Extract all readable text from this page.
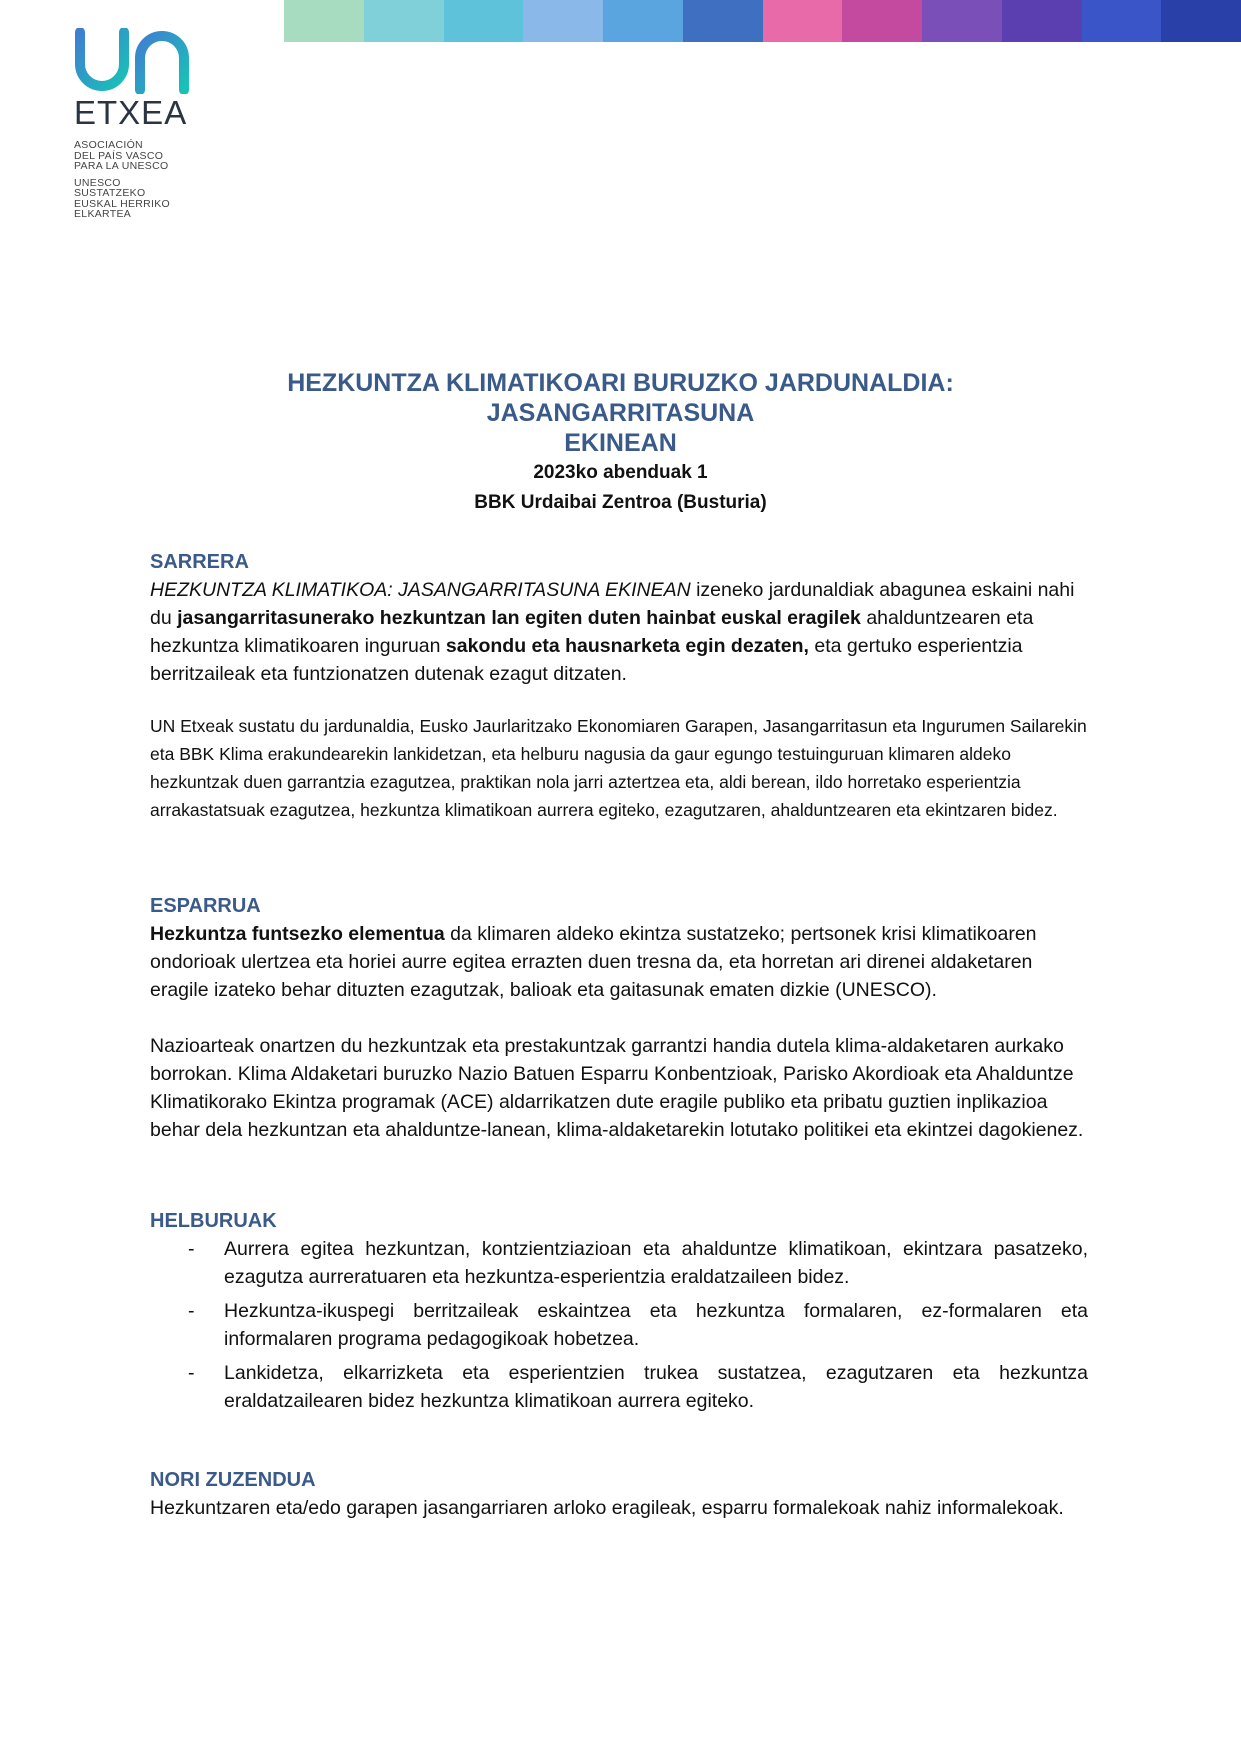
ETXEA
ASOCIACIÓN
DEL PAÍS VASCO
PARA LA UNESCO
UNESCO SUSTATZEKO
EUSKAL HERRIKO
ELKARTEA
HEZKUNTZA KLIMATIKOARI BURUZKO JARDUNALDIA: JASANGARRITASUNA
EKINEAN
2023ko abenduak 1
BBK Urdaibai Zentroa (Busturia)
SARRERA

HEZKUNTZA KLIMATIKOA: JASANGARRITASUNA EKINEAN izeneko jardunaldiak abagunea eskaini nahi du jasangarritasunerako hezkuntzan lan egiten duten hainbat euskal eragilek ahalduntzearen eta hezkuntza klimatikoaren inguruan sakondu eta hausnarketa egin dezaten, eta gertuko esperientzia berritzaileak eta funtzionatzen dutenak ezagut ditzaten.

UN Etxeak sustatu du jardunaldia, Eusko Jaurlaritzako Ekonomiaren Garapen, Jasangarritasun eta Ingurumen Sailarekin eta BBK Klima erakundearekin lankidetzan, eta helburu nagusia da gaur egungo testuinguruan klimaren aldeko hezkuntzak duen garrantzia ezagutzea, praktikan nola jarri aztertzea eta, aldi berean, ildo horretako esperientzia arrakastatsuak ezagutzea, hezkuntza klimatikoan aurrera egiteko, ezagutzaren, ahalduntzearen eta ekintzaren bidez.

ESPARRUA

Hezkuntza funtsezko elementua da klimaren aldeko ekintza sustatzeko; pertsonek krisi klimatikoaren ondorioak ulertzea eta horiei aurre egitea errazten duen tresna da, eta horretan ari direnei aldaketaren eragile izateko behar dituzten ezagutzak, balioak eta gaitasunak ematen dizkie (UNESCO).

Nazioarteak onartzen du hezkuntzak eta prestakuntzak garrantzi handia dutela klima-aldaketaren aurkako borrokan. Klima Aldaketari buruzko Nazio Batuen Esparru Konbentzioak, Parisko Akordioak eta Ahalduntze Klimatikorako Ekintza programak (ACE) aldarrikatzen dute eragile publiko eta pribatu guztien inplikazioa behar dela hezkuntzan eta ahalduntze-lanean, klima-aldaketarekin lotutako politikei eta ekintzei dagokienez.

HELBURUAK
- Aurrera egitea hezkuntzan, kontzientziazioan eta ahalduntze klimatikoan, ekintzara pasatzeko, ezagutza aurreratuaren eta hezkuntza-esperientzia eraldatzaileen bidez.
- Hezkuntza-ikuspegi berritzaileak eskaintzea eta hezkuntza formalaren, ez-formalaren eta informalaren programa pedagogikoak hobetzea.
- Lankidetza, elkarrizketa eta esperientzien trukea sustatzea, ezagutzaren eta hezkuntza eraldatzailearen bidez hezkuntza klimatikoan aurrera egiteko.
NORI ZUZENDUA

Hezkuntzaren eta/edo garapen jasangarriaren arloko eragileak, esparru formalekoak nahiz informalekoak.
